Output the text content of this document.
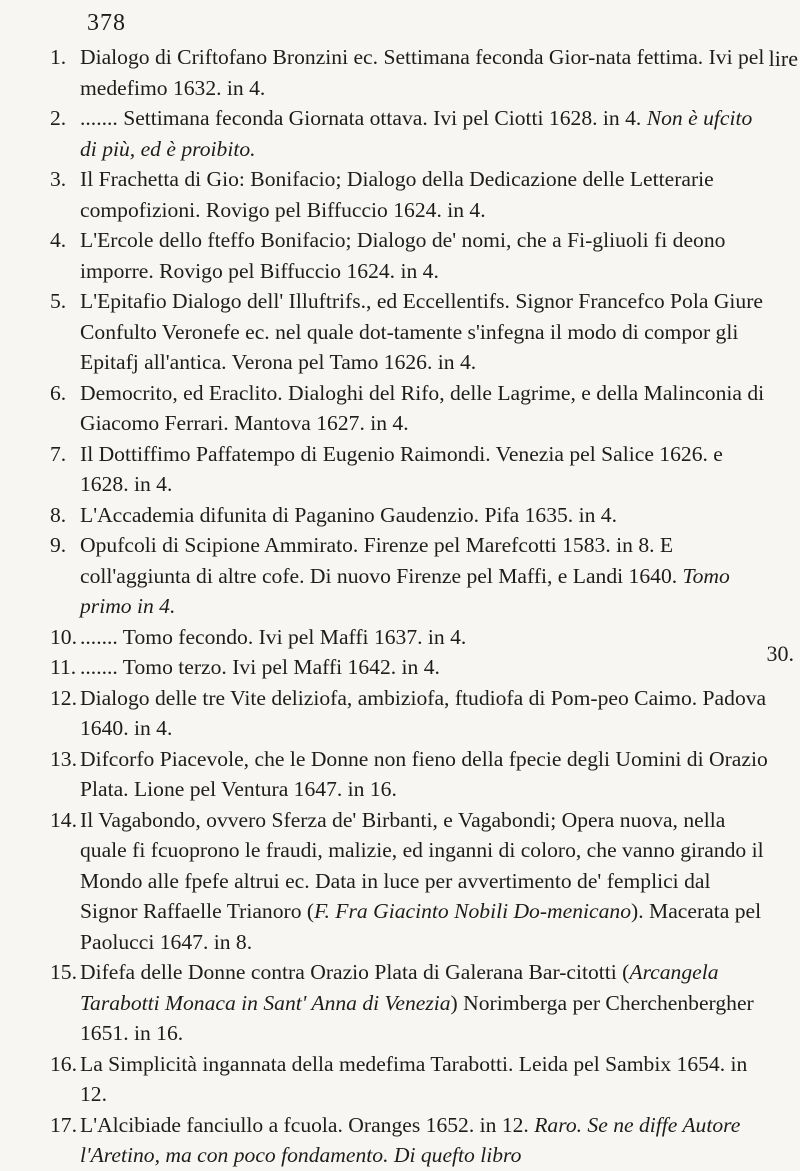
378
lire
30.
1. Dialogo di Criftofano Bronzini ec. Settimana feconda Gior-nata fettima. Ivi pel medefimo 1632. in 4.
2. ....... Settimana feconda Giornata ottava. Ivi pel Ciotti 1628. in 4. Non è ufcito di più, ed è proibito.
3. Il Frachetta di Gio: Bonifacio; Dialogo della Dedicazione delle Letterarie compofizioni. Rovigo pel Biffuccio 1624. in 4.
4. L'Ercole dello fteffo Bonifacio; Dialogo de' nomi, che a Fi-gliuoli fi deono imporre. Rovigo pel Biffuccio 1624. in 4.
5. L'Epitafio Dialogo dell' Illuftrifs., ed Eccellentifs. Signor Francefco Pola Giure Confulto Veronefe ec. nel quale dot-tamente s'infegna il modo di compor gli Epitafj all'antica. Verona pel Tamo 1626. in 4.
6. Democrito, ed Eraclito. Dialoghi del Rifo, delle Lagrime, e della Malinconia di Giacomo Ferrari. Mantova 1627. in 4.
7. Il Dottiffimo Paffatempo di Eugenio Raimondi. Venezia pel Salice 1626. e 1628. in 4.
8. L'Accademia difunita di Paganino Gaudenzio. Pifa 1635. in 4.
9. Opufcoli di Scipione Ammirato. Firenze pel Marefcotti 1583. in 8. E coll'aggiunta di altre cofe. Di nuovo Firenze pel Maffi, e Landi 1640. Tomo primo in 4.
10. ....... Tomo fecondo. Ivi pel Maffi 1637. in 4.
11. ....... Tomo terzo. Ivi pel Maffi 1642. in 4.
12. Dialogo delle tre Vite deliziofa, ambiziofa, ftudiofa di Pom-peo Caimo. Padova 1640. in 4.
13. Difcorfo Piacevole, che le Donne non fieno della fpecie degli Uomini di Orazio Plata. Lione pel Ventura 1647. in 16.
14. Il Vagabondo, ovvero Sferza de' Birbanti, e Vagabondi; Opera nuova, nella quale fi fcuoprono le fraudi, malizie, ed inganni di coloro, che vanno girando il Mondo alle fpefe altrui ec. Data in luce per avvertimento de' femplici dal Signor Raffaelle Trianoro (F. Fra Giacinto Nobili Do-menicano). Macerata pel Paolucci 1647. in 8.
15. Difefa delle Donne contra Orazio Plata di Galerana Bar-citotti (Arcangela Tarabotti Monaca in Sant' Anna di Venezia) Norimberga per Cherchenbergher 1651. in 16.
16. La Simplicità ingannata della medefima Tarabotti. Leida pel Sambix 1654. in 12.
17. L'Alcibiade fanciullo a fcuola. Oranges 1652. in 12. Raro. Se ne diffe Autore l'Aretino, ma con poco fondamento. Di quefto libro
